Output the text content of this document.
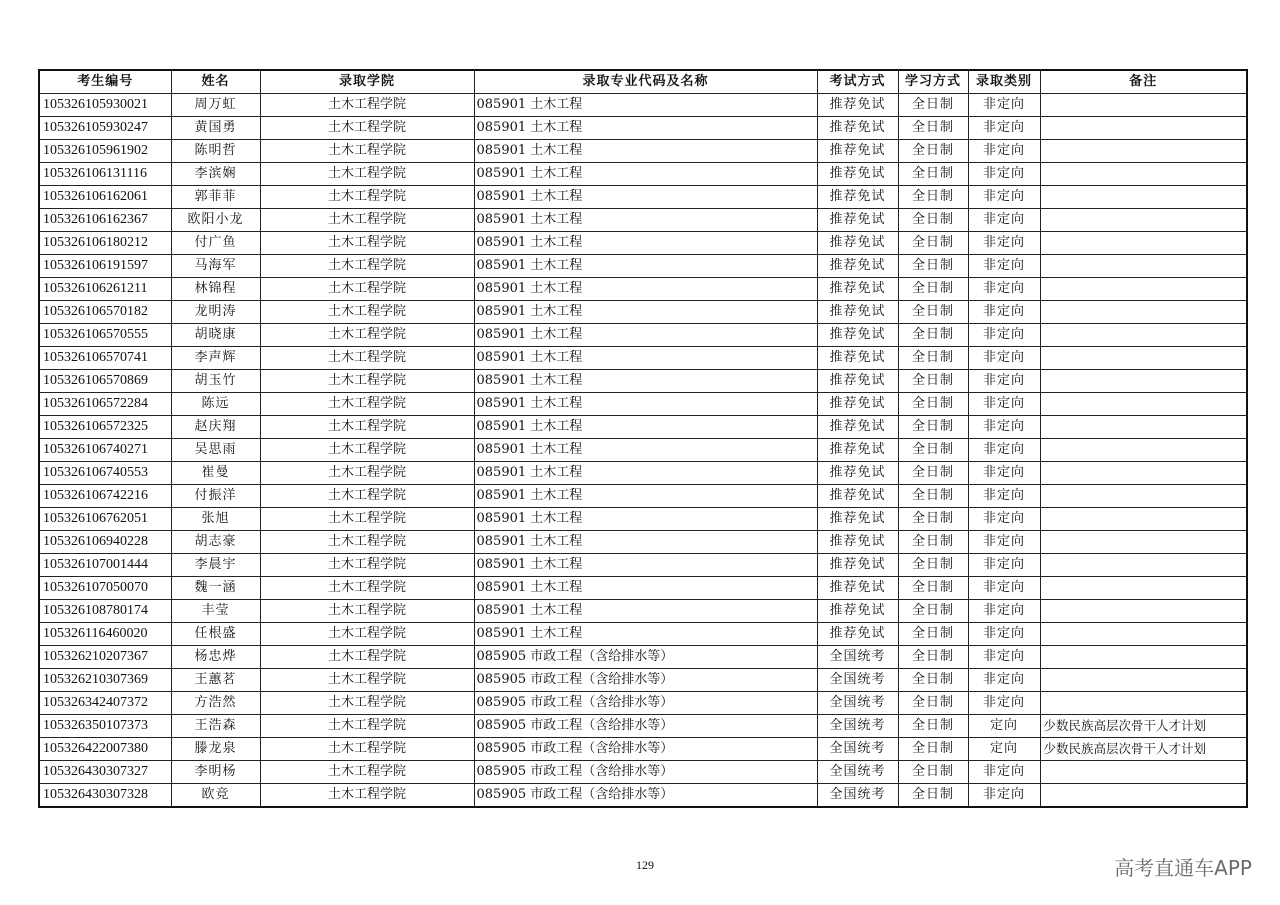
考生编号	姓名	录取学院	录取专业代码及名称	考试方式	学习方式	录取类别	备注
105326105930021	周万虹	土木工程学院	085901 土木工程	推荐免试	全日制	非定向	
105326105930247	黄国勇	土木工程学院	085901 土木工程	推荐免试	全日制	非定向	
105326105961902	陈明哲	土木工程学院	085901 土木工程	推荐免试	全日制	非定向	
105326106131116	李滨娴	土木工程学院	085901 土木工程	推荐免试	全日制	非定向	
105326106162061	郭菲菲	土木工程学院	085901 土木工程	推荐免试	全日制	非定向	
105326106162367	欧阳小龙	土木工程学院	085901 土木工程	推荐免试	全日制	非定向	
105326106180212	付广鱼	土木工程学院	085901 土木工程	推荐免试	全日制	非定向	
105326106191597	马海军	土木工程学院	085901 土木工程	推荐免试	全日制	非定向	
105326106261211	林锦程	土木工程学院	085901 土木工程	推荐免试	全日制	非定向	
105326106570182	龙明涛	土木工程学院	085901 土木工程	推荐免试	全日制	非定向	
105326106570555	胡晓康	土木工程学院	085901 土木工程	推荐免试	全日制	非定向	
105326106570741	李声辉	土木工程学院	085901 土木工程	推荐免试	全日制	非定向	
105326106570869	胡玉竹	土木工程学院	085901 土木工程	推荐免试	全日制	非定向	
105326106572284	陈远	土木工程学院	085901 土木工程	推荐免试	全日制	非定向	
105326106572325	赵庆翔	土木工程学院	085901 土木工程	推荐免试	全日制	非定向	
105326106740271	吴思雨	土木工程学院	085901 土木工程	推荐免试	全日制	非定向	
105326106740553	崔曼	土木工程学院	085901 土木工程	推荐免试	全日制	非定向	
105326106742216	付振洋	土木工程学院	085901 土木工程	推荐免试	全日制	非定向	
105326106762051	张旭	土木工程学院	085901 土木工程	推荐免试	全日制	非定向	
105326106940228	胡志豪	土木工程学院	085901 土木工程	推荐免试	全日制	非定向	
105326107001444	李晨宇	土木工程学院	085901 土木工程	推荐免试	全日制	非定向	
105326107050070	魏一涵	土木工程学院	085901 土木工程	推荐免试	全日制	非定向	
105326108780174	丰莹	土木工程学院	085901 土木工程	推荐免试	全日制	非定向	
105326116460020	任根盛	土木工程学院	085901 土木工程	推荐免试	全日制	非定向	
105326210207367	杨忠烨	土木工程学院	085905 市政工程（含给排水等）	全国统考	全日制	非定向	
105326210307369	王蕙茗	土木工程学院	085905 市政工程（含给排水等）	全国统考	全日制	非定向	
105326342407372	方浩然	土木工程学院	085905 市政工程（含给排水等）	全国统考	全日制	非定向	
105326350107373	王浩森	土木工程学院	085905 市政工程（含给排水等）	全国统考	全日制	定向	少数民族高层次骨干人才计划
105326422007380	滕龙泉	土木工程学院	085905 市政工程（含给排水等）	全国统考	全日制	定向	少数民族高层次骨干人才计划
105326430307327	李明杨	土木工程学院	085905 市政工程（含给排水等）	全国统考	全日制	非定向	
105326430307328	欧竞	土木工程学院	085905 市政工程（含给排水等）	全国统考	全日制	非定向	
129	高考直通车APP
